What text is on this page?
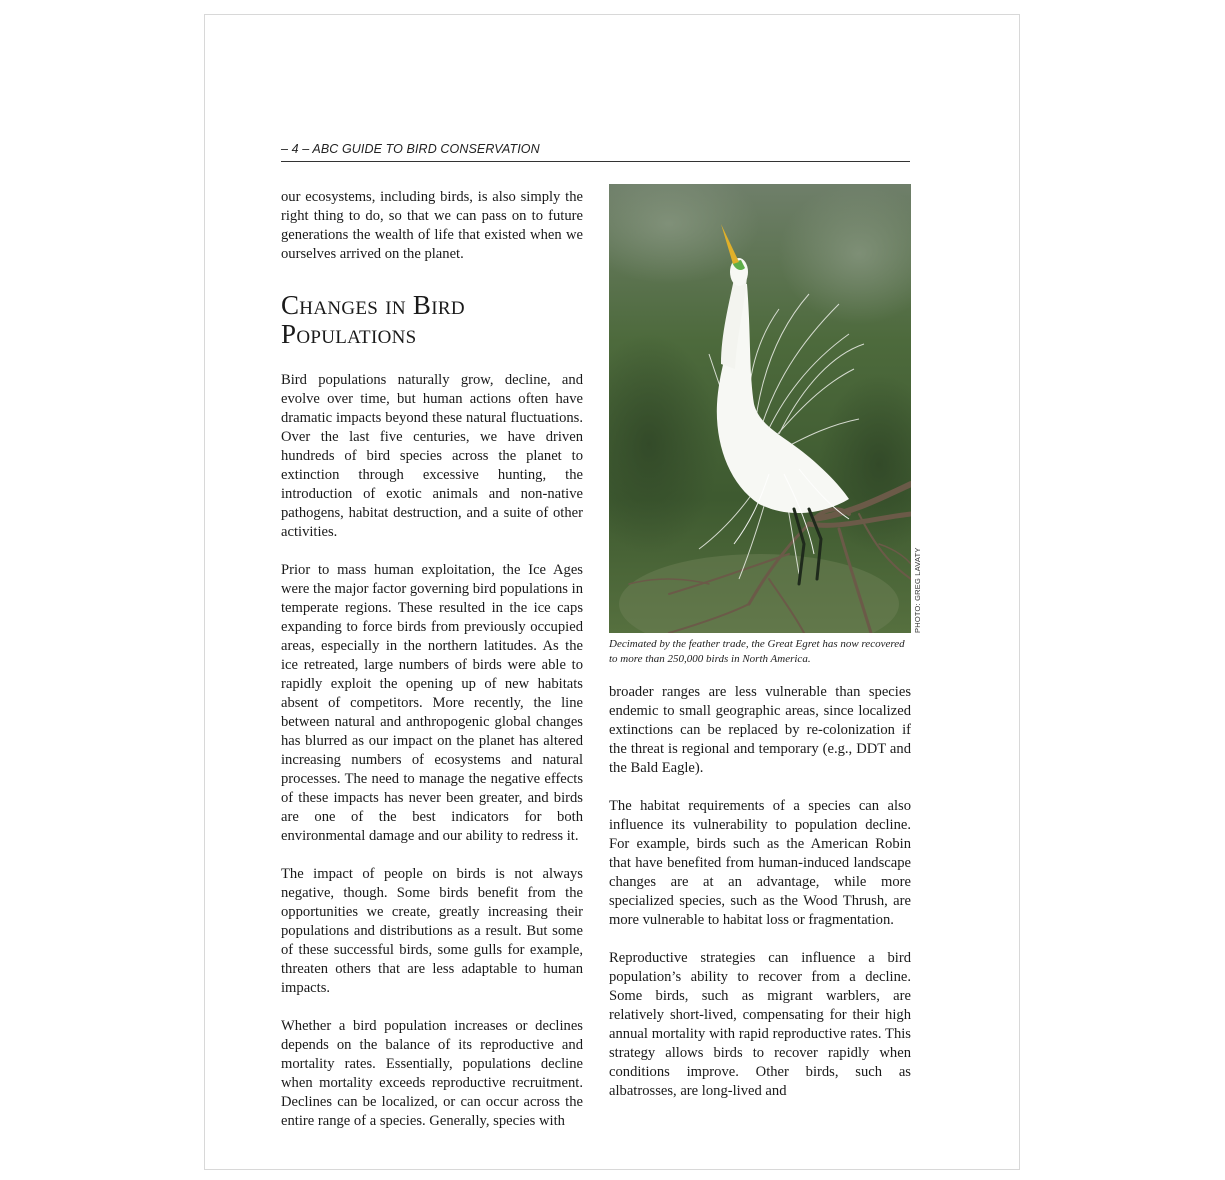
– 4 – ABC GUIDE TO BIRD CONSERVATION

our ecosystems, including birds, is also simply the right thing to do, so that we can pass on to future generations the wealth of life that existed when we ourselves arrived on the planet.

Changes in Bird
Populations

Bird populations naturally grow, decline, and evolve over time, but human actions often have dramatic impacts beyond these natural fluctuations. Over the last five centuries, we have driven hundreds of bird species across the planet to extinction through excessive hunting, the introduction of exotic animals and non-native pathogens, habitat destruction, and a suite of other activities.

Prior to mass human exploitation, the Ice Ages were the major factor governing bird populations in temperate regions. These resulted in the ice caps expanding to force birds from previously occupied areas, especially in the northern latitudes. As the ice retreated, large numbers of birds were able to rapidly exploit the opening up of new habitats absent of competitors. More recently, the line between natural and anthropogenic global changes has blurred as our impact on the planet has altered increasing numbers of ecosystems and natural processes. The need to manage the negative effects of these impacts has never been greater, and birds are one of the best indicators for both environmental damage and our ability to redress it.

The impact of people on birds is not always negative, though. Some birds benefit from the opportunities we create, greatly increasing their populations and distributions as a result. But some of these successful birds, some gulls for example, threaten others that are less adaptable to human impacts.

Whether a bird population increases or declines depends on the balance of its reproductive and mortality rates. Essentially, populations decline when mortality exceeds reproductive recruitment. Declines can be localized, or can occur across the entire range of a species. Generally, species with

PHOTO: GREG LAVATY
Decimated by the feather trade, the Great Egret has now recovered to more than 250,000 birds in North America.

broader ranges are less vulnerable than species endemic to small geographic areas, since localized extinctions can be replaced by re-colonization if the threat is regional and temporary (e.g., DDT and the Bald Eagle).

The habitat requirements of a species can also influence its vulnerability to population decline. For example, birds such as the American Robin that have benefited from human-induced landscape changes are at an advantage, while more specialized species, such as the Wood Thrush, are more vulnerable to habitat loss or fragmentation.

Reproductive strategies can influence a bird population’s ability to recover from a decline. Some birds, such as migrant warblers, are relatively short-lived, compensating for their high annual mortality with rapid reproductive rates. This strategy allows birds to recover rapidly when conditions improve. Other birds, such as albatrosses, are long-lived and
